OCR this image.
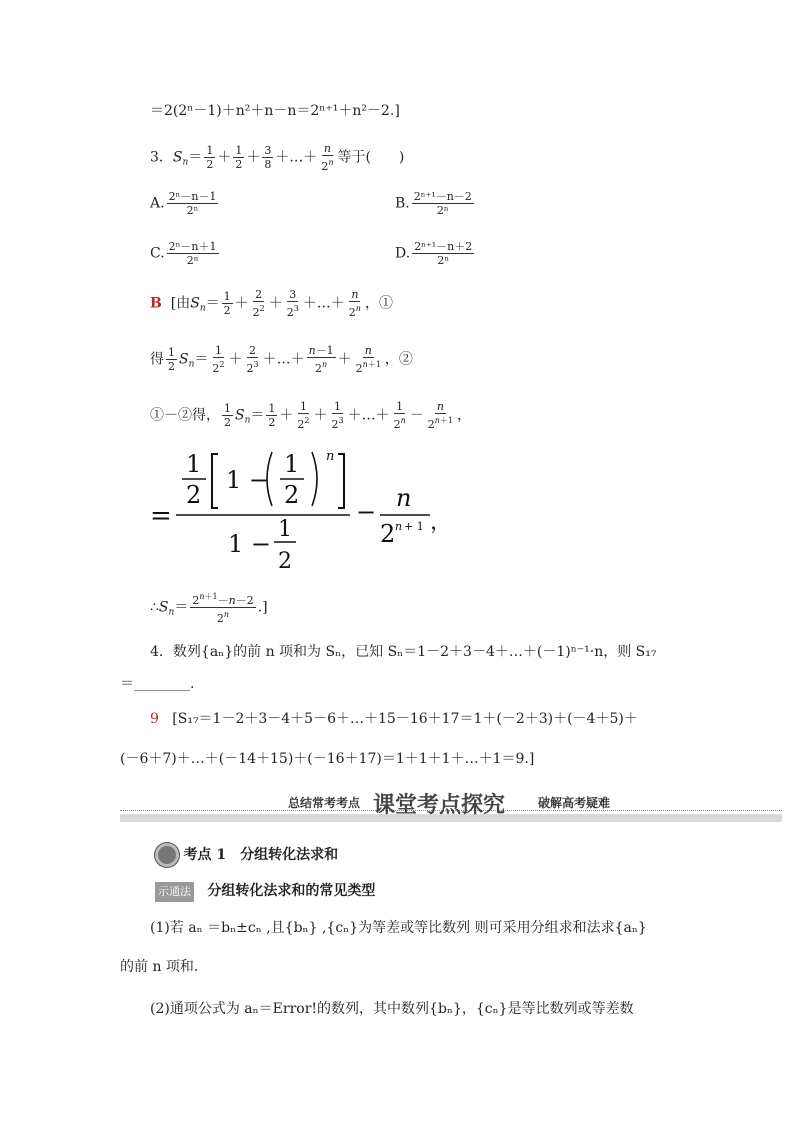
＝2(2ⁿ－1)＋n²＋n－n＝2ⁿ⁺¹＋n²－2.]
3．$S_n= \frac{1}{2} + \frac{1}{2} + \frac{3}{8}$ ＋…＋ $\frac{n}{2^n}$ 等于(　　)
A. $\frac{\text{2ⁿ－n－1}}{\text{2ⁿ}}$	B. $\frac{\text{2ⁿ⁺¹－n－2}}{\text{2ⁿ}}$
C. $\frac{\text{2ⁿ－n＋1}}{\text{2ⁿ}}$	D. $\frac{\text{2ⁿ⁺¹－n＋2}}{\text{2ⁿ}}$
B [由$S_n= \frac{1}{2} + \frac{2}{2^2} + \frac{3}{2^3}$ ＋…＋ $\frac{n}{2^n}$ ，①
得 $\frac{1}{2} S_n= \frac{1}{2^2} + \frac{2}{2^3}$ ＋…＋ $\frac{n-1}{2^n} + \frac{n}{2^{n+1}}$ ，②
①－②得， $\frac{1}{2} S_n= \frac{1}{2} + \frac{1}{2^2} + \frac{1}{2^3}$ ＋…＋ $\frac{1}{2^n} - \frac{n}{2^{n+1}}$ ，
=
1
2
1 −
1
2
n
1 −
1
2
− n
2 n + 1 ，
$\therefore S_n= \frac{2^{n+1}-n-2}{2^n}$ .]
4．数列{aₙ}的前 n 项和为 Sₙ，已知 Sₙ＝1－2＋3－4＋…＋(－1)ⁿ⁻¹·n，则 S₁₇
＝________.
9 [S₁₇＝1－2＋3－4＋5－6＋…＋15－16＋17＝1＋(－2＋3)＋(－4＋5)＋
(－6＋7)＋…＋(－14＋15)＋(－16＋17)＝1＋1＋1＋…＋1＝9.]
总结常考考点 课堂考点探究	破解高考疑难
考点 1　分组转化法求和
示通法 分组转化法求和的常见类型
(1)若 aₙ ＝bₙ±cₙ ,且{bₙ} ,{cₙ}为等差或等比数列 则可采用分组求和法求{aₙ}
的前 n 项和．
(2)通项公式为 aₙ＝Error!的数列，其中数列{bₙ}，{cₙ}是等比数列或等差数
